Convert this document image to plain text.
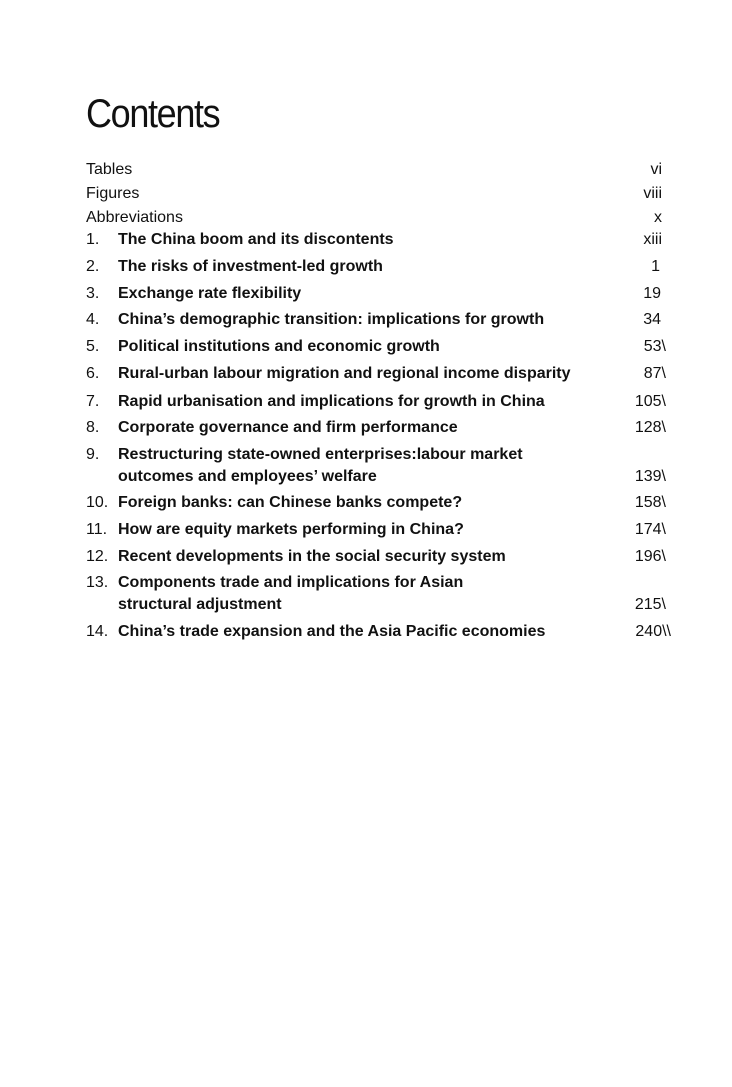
Contents
Tables	vi
Figures	viii
Abbreviations	x
1. The China boom and its discontents	xiii
2. The risks of investment-led growth	1
3. Exchange rate flexibility	19
4. China’s demographic transition: implications for growth	34
5. Political institutions and economic growth	53\
6. Rural-urban labour migration and regional income disparity	87\
7. Rapid urbanisation and implications for growth in China	105\
8. Corporate governance and firm performance	128\
9. Restructuring state-owned enterprises:labour market
outcomes and employees’ welfare	139\
10. Foreign banks: can Chinese banks compete?	158\
11. How are equity markets performing in China?	174\
12. Recent developments in the social security system	196\
13. Components trade and implications for Asian
structural adjustment	215\
14. China’s trade expansion and the Asia Pacific economies	240\\
